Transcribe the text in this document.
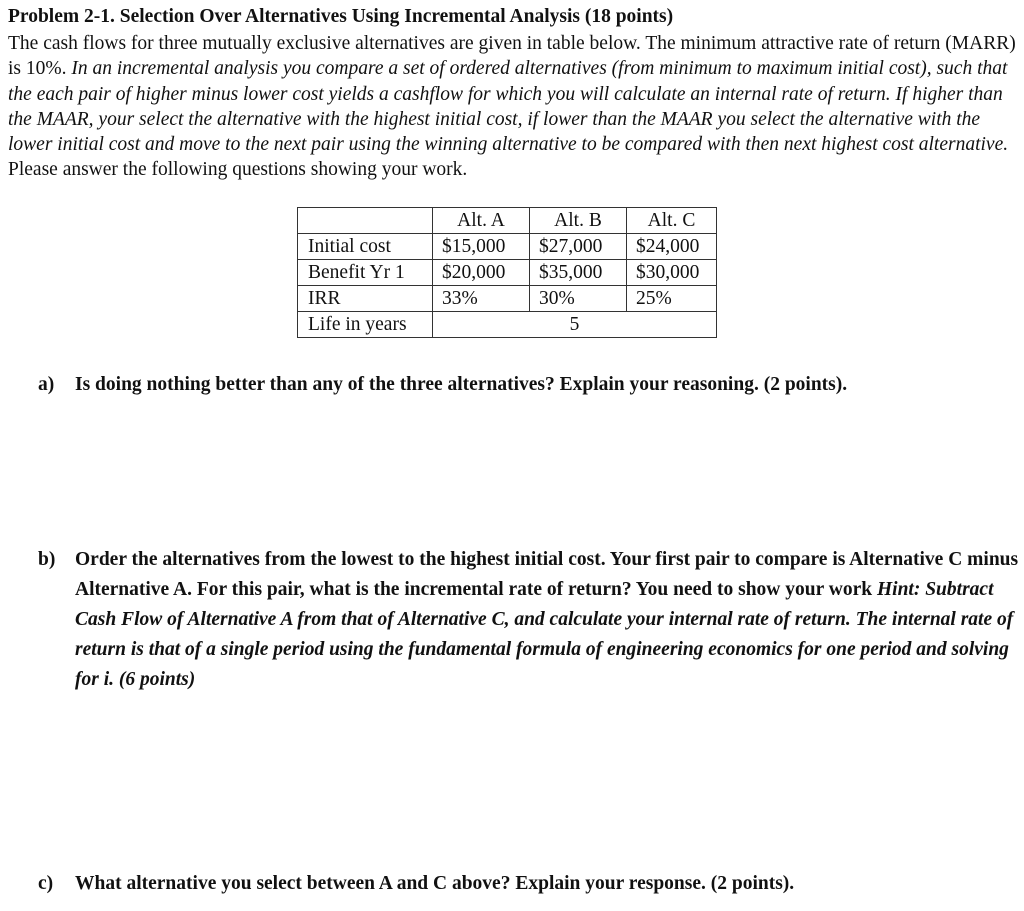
Problem 2-1. Selection Over Alternatives Using Incremental Analysis (18 points)
The cash flows for three mutually exclusive alternatives are given in table below. The minimum attractive rate of return (MARR) is 10%. In an incremental analysis you compare a set of ordered alternatives (from minimum to maximum initial cost), such that the each pair of higher minus lower cost yields a cashflow for which you will calculate an internal rate of return. If higher than the MAAR, your select the alternative with the highest initial cost, if lower than the MAAR you select the alternative with the lower initial cost and move to the next pair using the winning alternative to be compared with then next highest cost alternative.
Please answer the following questions showing your work.
	Alt. A	Alt. B	Alt. C
Initial cost	$15,000	$27,000	$24,000
Benefit Yr 1	$20,000	$35,000	$30,000
IRR	33%	30%	25%
Life in years	5		
a) Is doing nothing better than any of the three alternatives? Explain your reasoning. (2 points).
b) Order the alternatives from the lowest to the highest initial cost. Your first pair to compare is Alternative C minus Alternative A. For this pair, what is the incremental rate of return? You need to show your work Hint: Subtract Cash Flow of Alternative A from that of Alternative C, and calculate your internal rate of return. The internal rate of return is that of a single period using the fundamental formula of engineering economics for one period and solving for i. (6 points)
c) What alternative you select between A and C above? Explain your response. (2 points).
